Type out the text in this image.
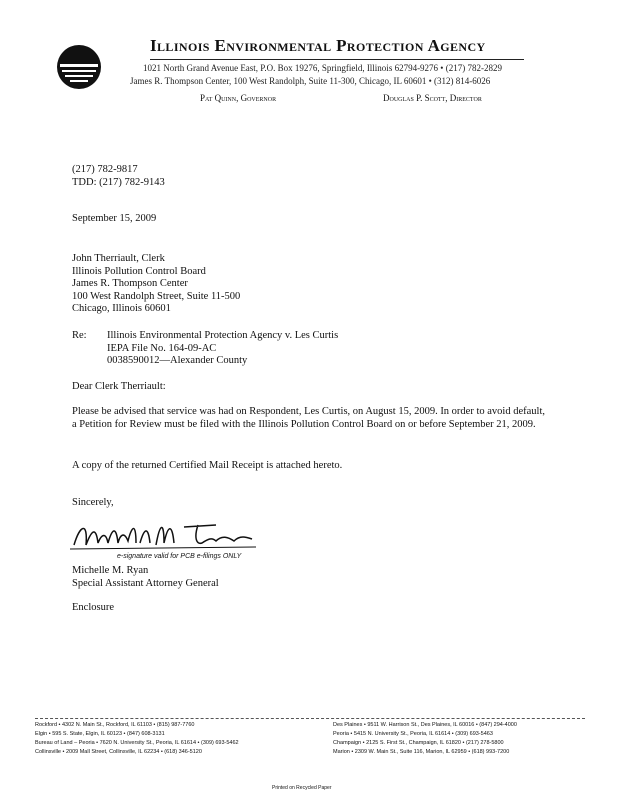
Illinois Environmental Protection Agency
1021 North Grand Avenue East, P.O. Box 19276, Springfield, Illinois 62794-9276 • (217) 782-2829
James R. Thompson Center, 100 West Randolph, Suite 11-300, Chicago, IL 60601 • (312) 814-6026
Pat Quinn, Governor	Douglas P. Scott, Director
(217) 782-9817
TDD: (217) 782-9143
September 15, 2009
John Therriault, Clerk
Illinois Pollution Control Board
James R. Thompson Center
100 West Randolph Street, Suite 11-500
Chicago, Illinois 60601
Re: Illinois Environmental Protection Agency v. Les Curtis
IEPA File No. 164-09-AC
0038590012—Alexander County
Dear Clerk Therriault:
Please be advised that service was had on Respondent, Les Curtis, on August 15, 2009. In order to avoid default, a Petition for Review must be filed with the Illinois Pollution Control Board on or before September 21, 2009.
A copy of the returned Certified Mail Receipt is attached hereto.
Sincerely,
e-signature valid for PCB e-filings ONLY
Michelle M. Ryan
Special Assistant Attorney General
Enclosure
Rockford • 4302 N. Main St., Rockford, IL 61103 • (815) 987-7760
Elgin • 595 S. State, Elgin, IL 60123 • (847) 608-3131
Bureau of Land – Peoria • 7620 N. University St., Peoria, IL 61614 • (309) 693-5462
Collinsville • 2009 Mall Street, Collinsville, IL 62234 • (618) 346-5120
Des Plaines • 9511 W. Harrison St., Des Plaines, IL 60016 • (847) 294-4000
Peoria • 5415 N. University St., Peoria, IL 61614 • (309) 693-5463
Champaign • 2125 S. First St., Champaign, IL 61820 • (217) 278-5800
Marion • 2309 W. Main St., Suite 116, Marion, IL 62959 • (618) 993-7200
Printed on Recycled Paper
